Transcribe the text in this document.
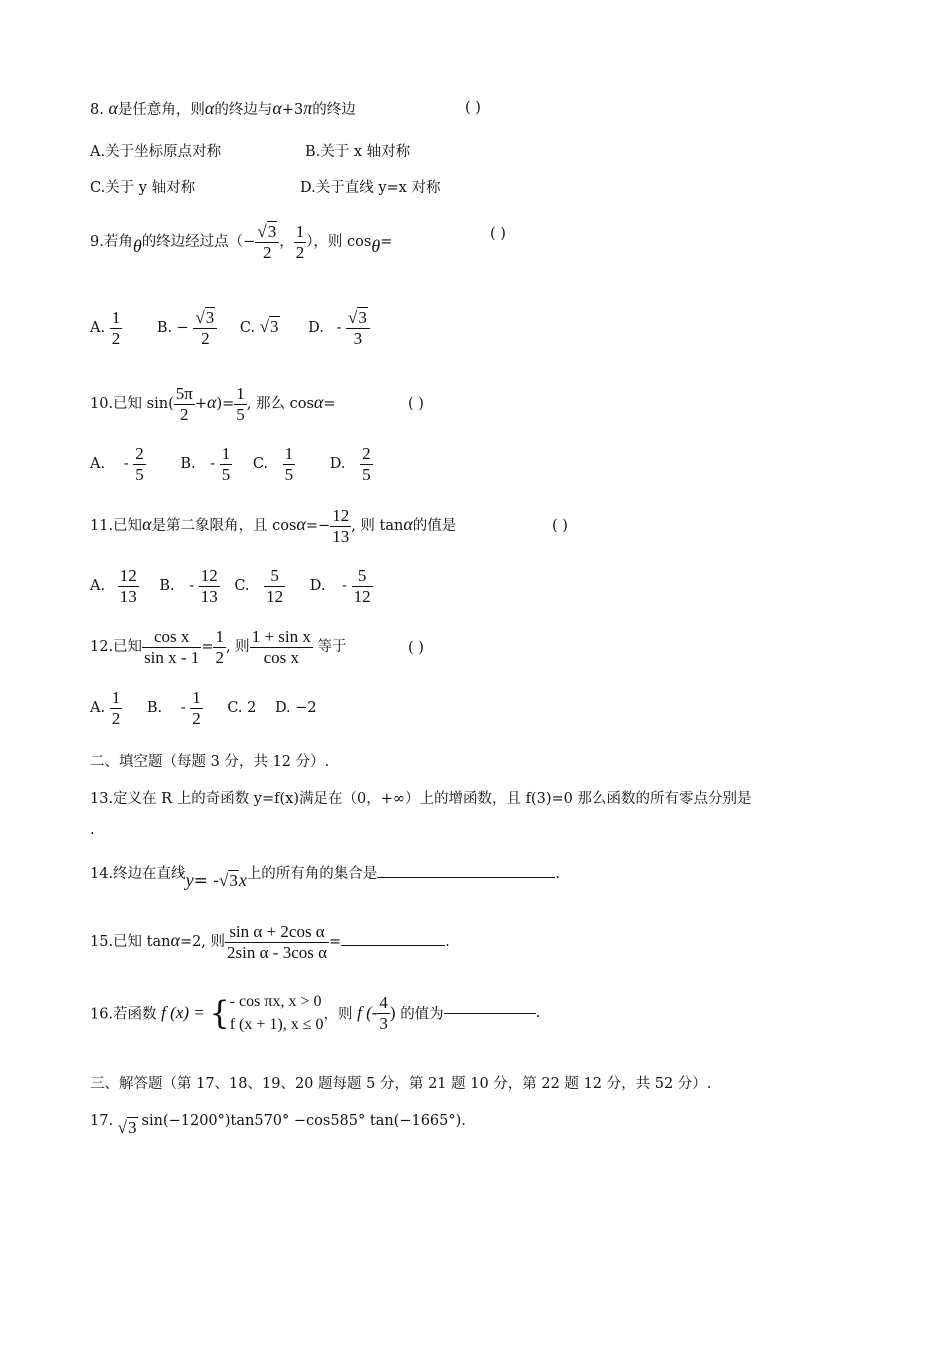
8. α是任意角，则α的终边与α+3π的终边	( )
A.关于坐标原点对称	B.关于 x 轴对称
C.关于 y 轴对称	D.关于直线 y=x 对称
9.若角θ的终边经过点（− $\frac{√3}{2}$ ， $\frac{1}{2}$ ），则 cosθ=
( )
A. $\frac{1}{2} B$. − $\frac{√3}{2} C$. √3 D. - $\frac{√3}{3}$
10.已知 $\sin( \frac{5\pi}{2} +\alpha)= \frac{1}{5}$ , 那么 cosα=	( )
A. - $\frac{2}{5} B$. - $\frac{1}{5} C$. $\frac{1}{5} D$. $\frac{2}{5}$
11.已知α是第二象限角，且 $\cos\alpha=- \frac{12}{13}$ , 则 tanα的值是	( )
A. $\frac{12}{13} B$. - $\frac{12}{13} C$. $\frac{5}{12} D$. - $\frac{5}{12}$
12.已知 $\frac{\text{cos x}}{\text{sin x - 1}} = \frac{1}{2}$ , 则 $\frac{\text{1 + sin x}}{\text{cos x}}$ 等于	( )
A. $\frac{1}{2} B$. - $\frac{1}{2} C$. 2 D. −2
二、填空题（每题 3 分，共 12 分）.
13.定义在 R 上的奇函数 y=f(x)满足在（0，+∞）上的增函数，且 f(3)=0 那么函数的所有零点分别是
.
14.终边在直线y= -√3x上的所有角的集合是	.
15.已知 tanα=2, 则 $\frac{\text{sin α + 2cos α}}{\text{2sin α - 3cos α}}$ =	.
16.若函数 f (x) = { - cos πx, x > 0
f (x + 1), x ≤ 0
，则 f (- $\frac{4}{3}$ ) 的值为	.
三、解答题（第 17、18、19、20 题每题 5 分，第 21 题 10 分，第 22 题 12 分，共 52 分）.
17. √3 sin(−1200°)tan570° −cos585° tan(−1665°).
